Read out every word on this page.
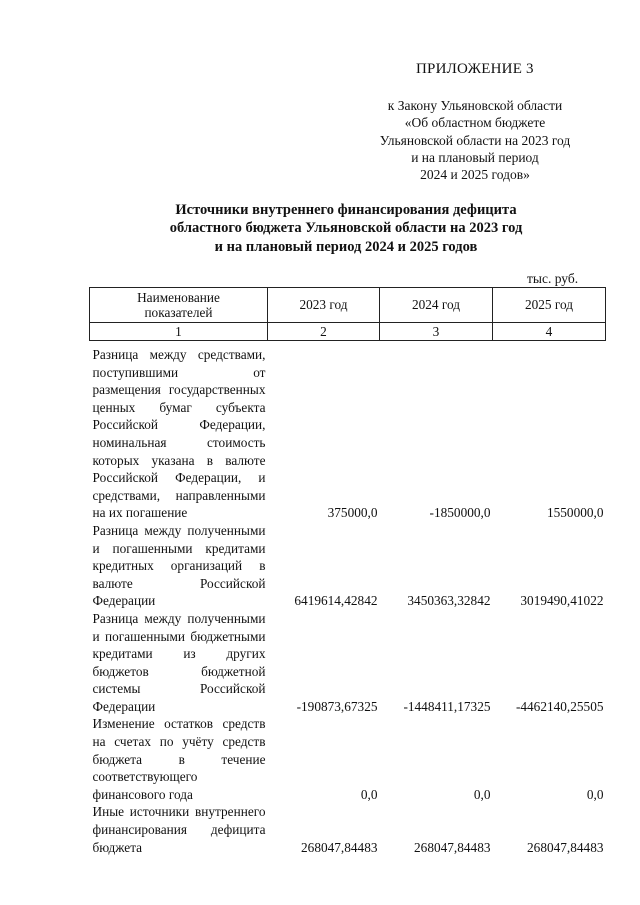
ПРИЛОЖЕНИЕ 3
к Закону Ульяновской области
«Об областном бюджете
Ульяновской области на 2023 год
и на плановый период
2024 и 2025 годов»
Источники внутреннего финансирования дефицита
областного бюджета Ульяновской области на 2023 год
и на плановый период 2024 и 2025 годов
тыс. руб.
Наименование показателей	2023 год	2024 год	2025 год
1	2	3	4
Разница между средствами, поступившими от размещения государственных ценных бумаг субъекта Российской Федерации, номинальная стоимость которых указана в валюте Российской Федерации, и средствами, направленными на их погашение	375000,0	-1850000,0	1550000,0
Разница между полученными и погашенными кредитами кредитных организаций в валюте Российской Федерации	6419614,42842	3450363,32842	3019490,41022
Разница между полученными и погашенными бюджетными кредитами из других бюджетов бюджетной системы Российской Федерации	-190873,67325	-1448411,17325	-4462140,25505
Изменение остатков средств на счетах по учёту средств бюджета в течение соответствующего финансового года	0,0	0,0	0,0
Иные источники внутреннего финансирования дефицита бюджета	268047,84483	268047,84483	268047,84483
